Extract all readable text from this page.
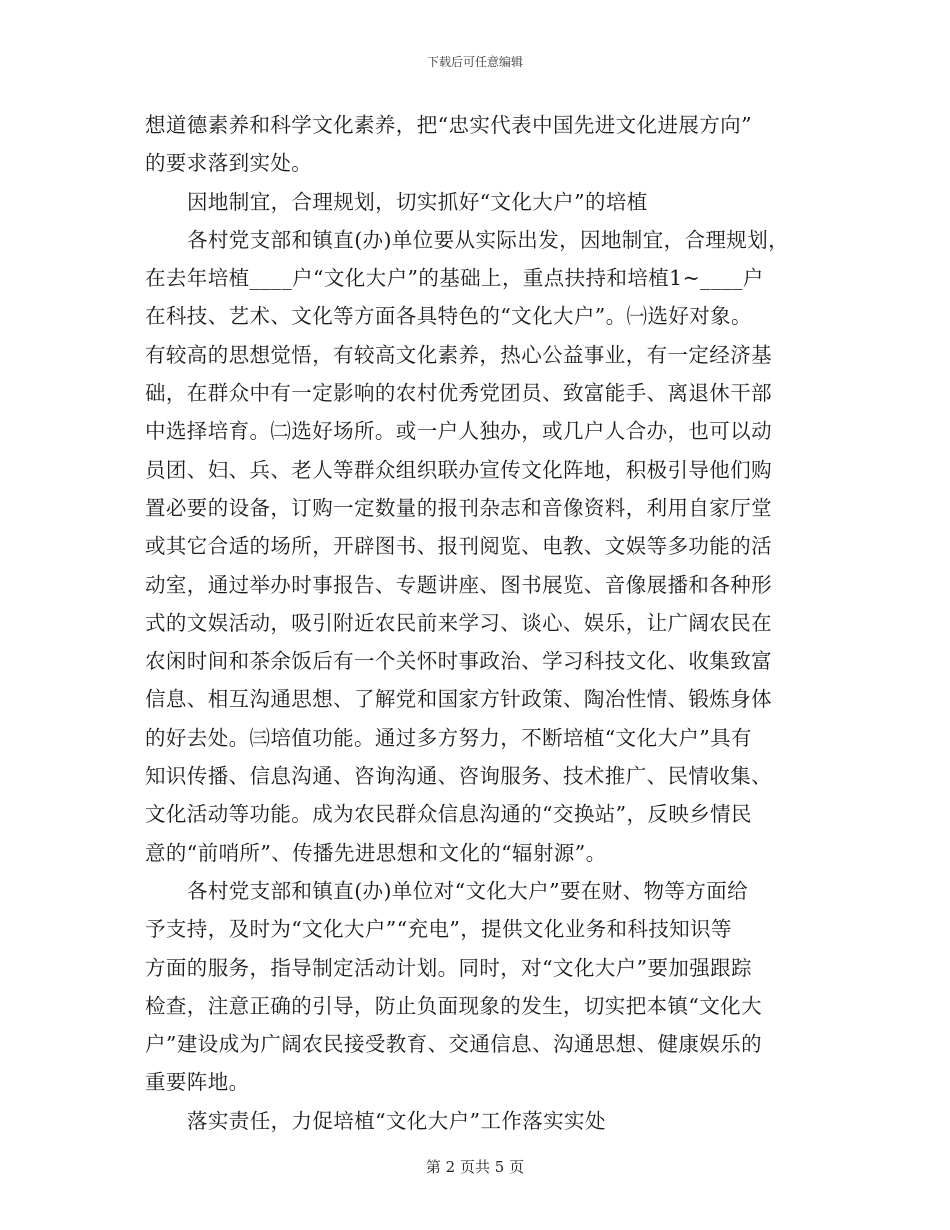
下载后可任意编辑
想道德素养和科学文化素养，把“忠实代表中国先进文化进展方向”
的要求落到实处。
因地制宜，合理规划，切实抓好“文化大户”的培植
各村党支部和镇直(办)单位要从实际出发，因地制宜，合理规划，
在去年培植____户“文化大户”的基础上，重点扶持和培植1~____户
在科技、艺术、文化等方面各具特色的“文化大户”。㈠选好对象。
有较高的思想觉悟，有较高文化素养，热心公益事业，有一定经济基
础，在群众中有一定影响的农村优秀党团员、致富能手、离退休干部
中选择培育。㈡选好场所。或一户人独办，或几户人合办，也可以动
员团、妇、兵、老人等群众组织联办宣传文化阵地，积极引导他们购
置必要的设备，订购一定数量的报刊杂志和音像资料，利用自家厅堂
或其它合适的场所，开辟图书、报刊阅览、电教、文娱等多功能的活
动室，通过举办时事报告、专题讲座、图书展览、音像展播和各种形
式的文娱活动，吸引附近农民前来学习、谈心、娱乐，让广阔农民在
农闲时间和茶余饭后有一个关怀时事政治、学习科技文化、收集致富
信息、相互沟通思想、了解党和国家方针政策、陶冶性情、锻炼身体
的好去处。㈢培值功能。通过多方努力，不断培植“文化大户”具有
知识传播、信息沟通、咨询沟通、咨询服务、技术推广、民情收集、
文化活动等功能。成为农民群众信息沟通的“交换站”，反映乡情民
意的“前哨所”、传播先进思想和文化的“辐射源”。
各村党支部和镇直(办)单位对“文化大户”要在财、物等方面给
予支持，及时为“文化大户”“充电”，提供文化业务和科技知识等
方面的服务，指导制定活动计划。同时，对“文化大户”要加强跟踪
检查，注意正确的引导，防止负面现象的发生，切实把本镇“文化大
户”建设成为广阔农民接受教育、交通信息、沟通思想、健康娱乐的
重要阵地。
落实责任，力促培植“文化大户”工作落实实处
第 2 页共 5 页
